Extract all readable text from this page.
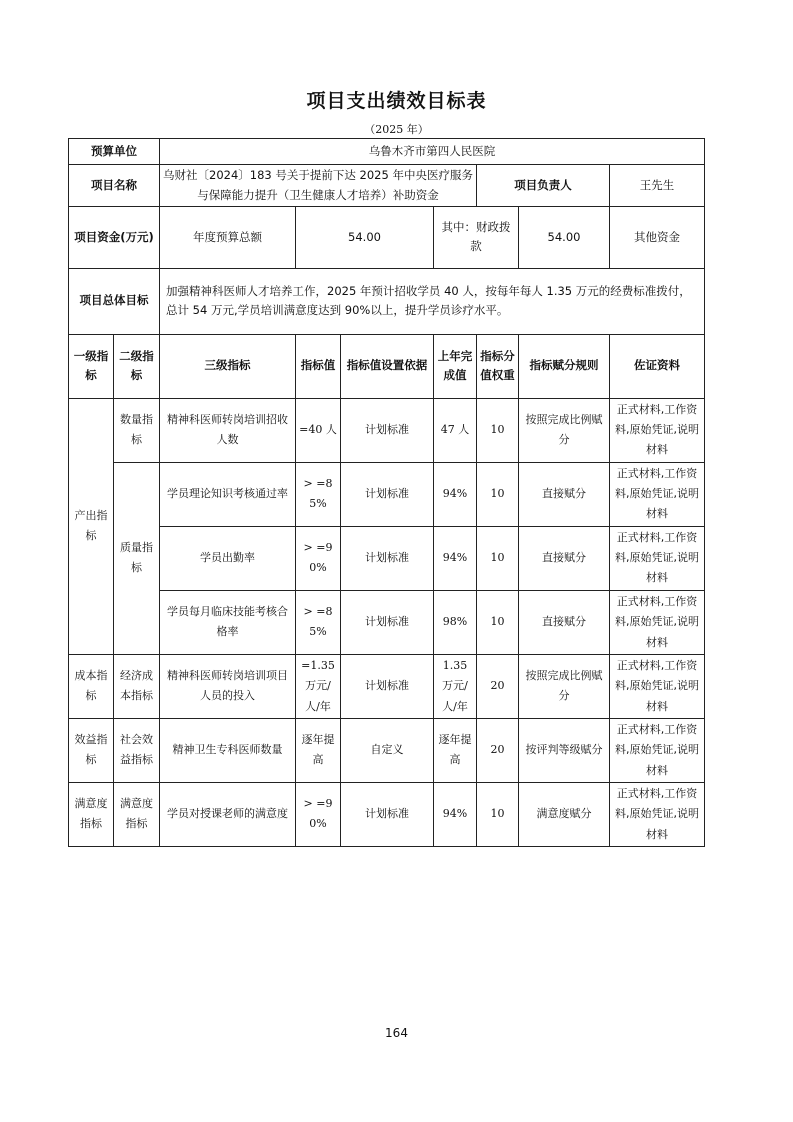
项目支出绩效目标表
（2025 年）
预算单位		乌鲁木齐市第四人民医院							
项目名称		乌财社〔2024〕183 号关于提前下达 2025 年中央医疗服务与保障能力提升（卫生健康人才培养）补助资金				项目负责人		王先生	
项目资金(万元)		年度预算总额	54.00		其中：财政拨款		54.00	其他资金	
项目总体目标		加强精神科医师人才培养工作，2025 年预计招收学员 40 人，按每年每人 1.35 万元的经费标准拨付，总计 54 万元,学员培训满意度达到 90%以上，提升学员诊疗水平。							
一级指标	二级指标	三级指标	指标值	指标值设置依据	上年完成值	指标分值权重	指标赋分规则	佐证资料	
产出指标	数量指标	精神科医师转岗培训招收人数	=40 人	计划标准	47 人	10	按照完成比例赋分	正式材料,工作资料,原始凭证,说明材料	
	质量指标	学员理论知识考核通过率	> =85%	计划标准	94%	10	直接赋分	正式材料,工作资料,原始凭证,说明材料	
		学员出勤率	> =90%	计划标准	94%	10	直接赋分	正式材料,工作资料,原始凭证,说明材料	
		学员每月临床技能考核合格率	> =85%	计划标准	98%	10	直接赋分	正式材料,工作资料,原始凭证,说明材料	
成本指标	经济成本指标	精神科医师转岗培训项目人员的投入	=1.35 万元/人/年	计划标准	1.35 万元/人/年	20	按照完成比例赋分	正式材料,工作资料,原始凭证,说明材料	
效益指标	社会效益指标	精神卫生专科医师数量	逐年提高	自定义	逐年提高	20	按评判等级赋分	正式材料,工作资料,原始凭证,说明材料	
满意度指标	满意度指标	学员对授课老师的满意度	> =90%	计划标准	94%	10	满意度赋分	正式材料,工作资料,原始凭证,说明材料	
164
